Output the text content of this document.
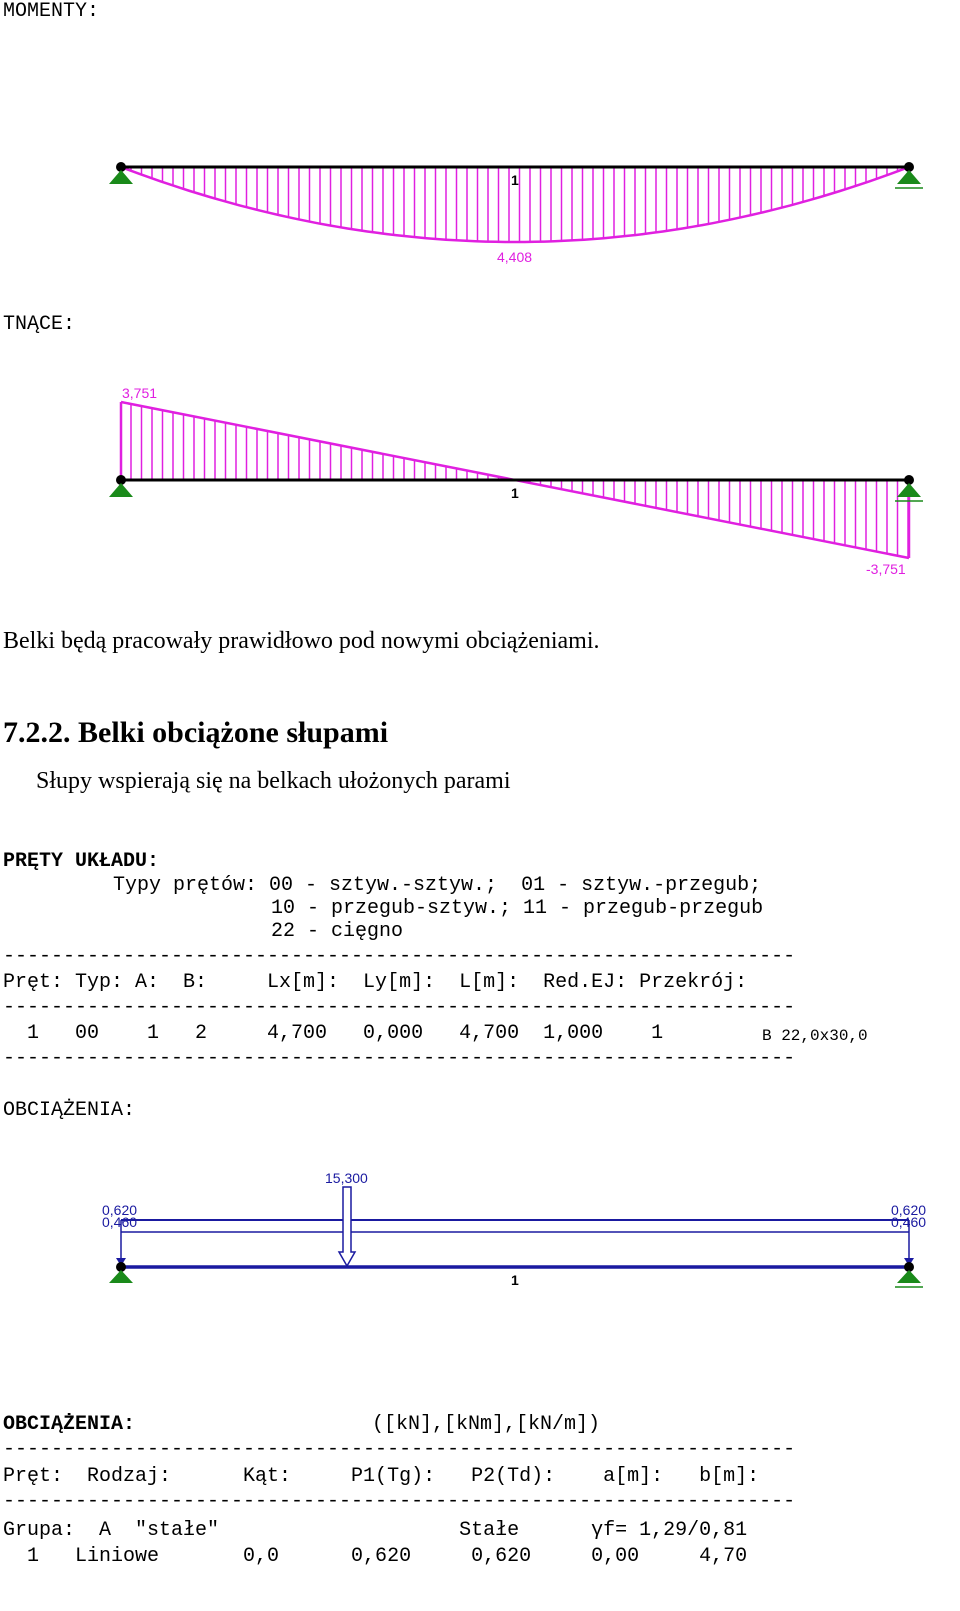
MOMENTY:
1
4,408
TNĄCE:
3,751
1
-3,751
Belki będą pracowały prawidłowo pod nowymi obciążeniami.
7.2.2. Belki obciążone słupami
Słupy wspierają się na belkach ułożonych parami
PRĘTY UKŁADU:
Typy prętów: 00 - sztyw.-sztyw.;  01 - sztyw.-przegub;
10 - przegub-sztyw.; 11 - przegub-przegub
22 - cięgno
------------------------------------------------------------------
Pręt: Typ: A:  B:     Lx[m]:  Ly[m]:  L[m]:  Red.EJ: Przekrój:
------------------------------------------------------------------
1   00    1   2     4,700   0,000   4,700  1,000    1	B 22,0x30,0
------------------------------------------------------------------
OBCIĄŻENIA:
15,300
0,620
0,460
0,620
0,460
1
OBCIĄŻENIA:	([kN],[kNm],[kN/m])
------------------------------------------------------------------
Pręt:  Rodzaj:      Kąt:     P1(Tg):   P2(Td):    a[m]:   b[m]:
------------------------------------------------------------------
Grupa:  A  "stałe"                    Stałe      γf= 1,29/0,81
1   Liniowe       0,0      0,620     0,620     0,00     4,70
